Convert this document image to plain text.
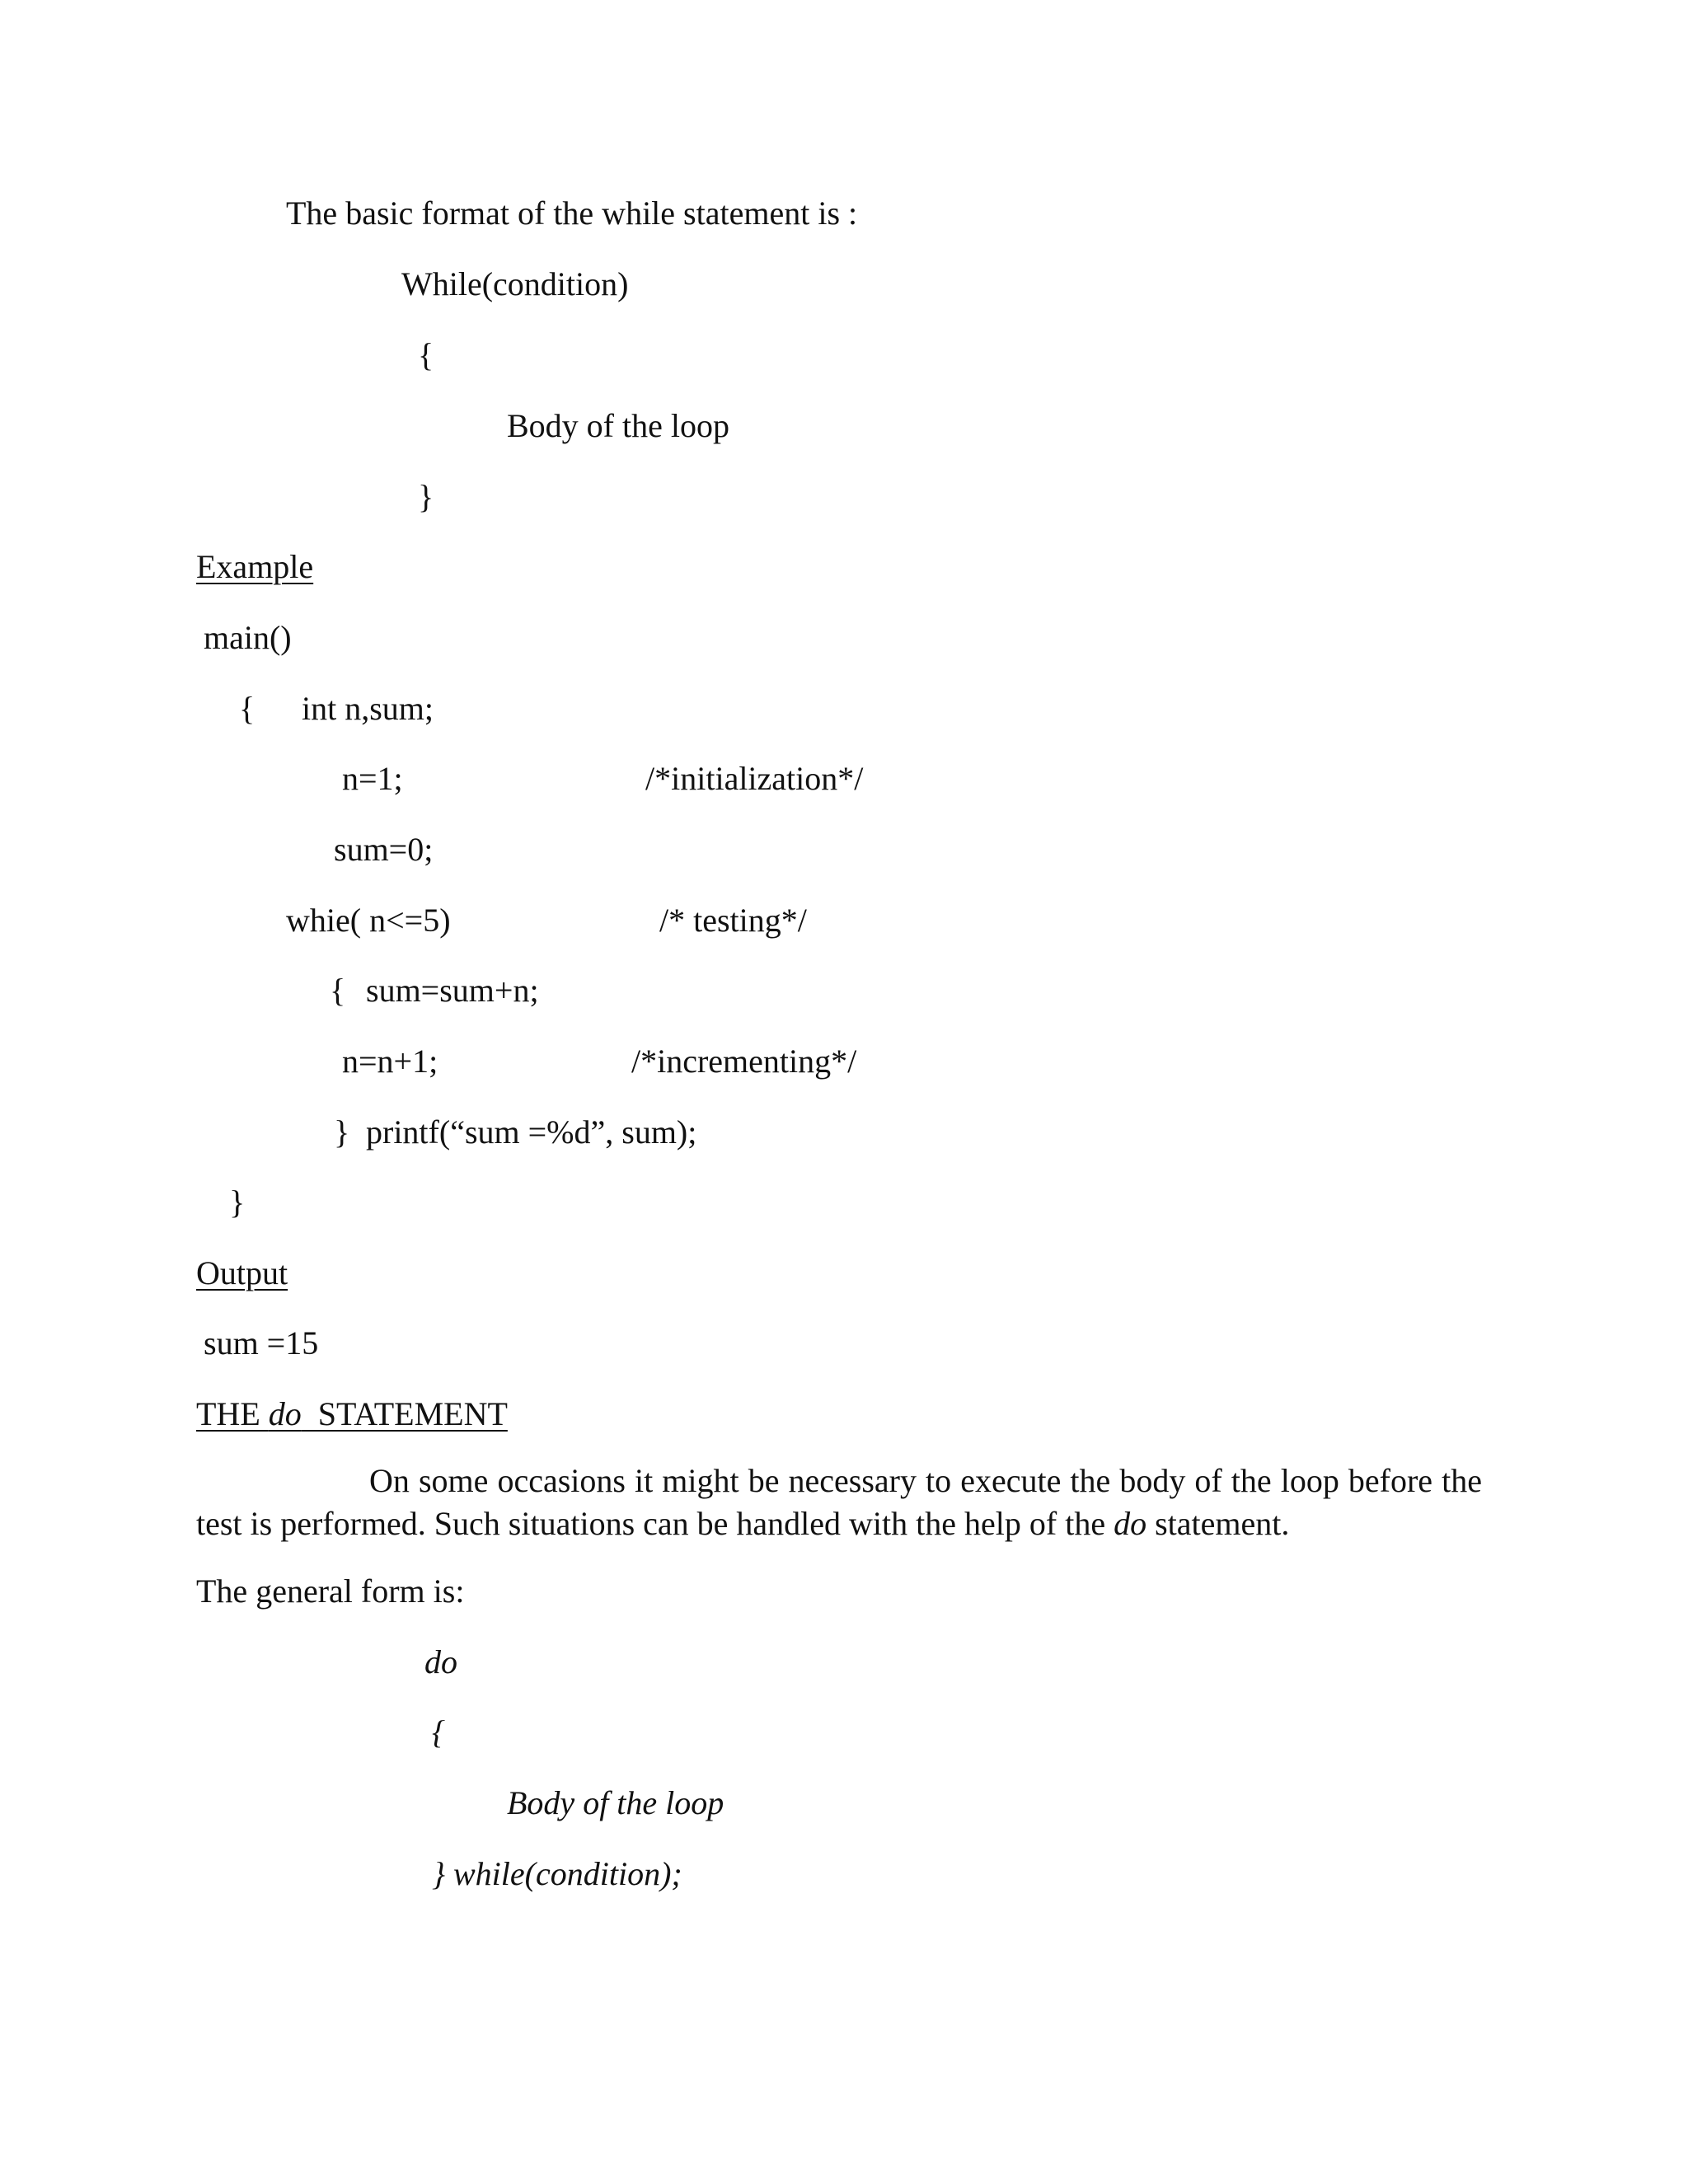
The basic format of the while statement is :
While(condition)
{
Body of the loop
}
Example
main()
{ int n,sum;
n=1;	/*initialization*/
sum=0;
whie( n<=5)	/* testing*/
{ sum=sum+n;
n=n+1;	/*incrementing*/
} printf(“sum =%d”, sum);
}
Output
sum =15
THE do  STATEMENT
On some occasions it might be necessary to execute the body of the loop before the test is performed. Such situations can be handled with the help of the do statement.
The general form is:
do
{
Body of the loop
} while(condition);
